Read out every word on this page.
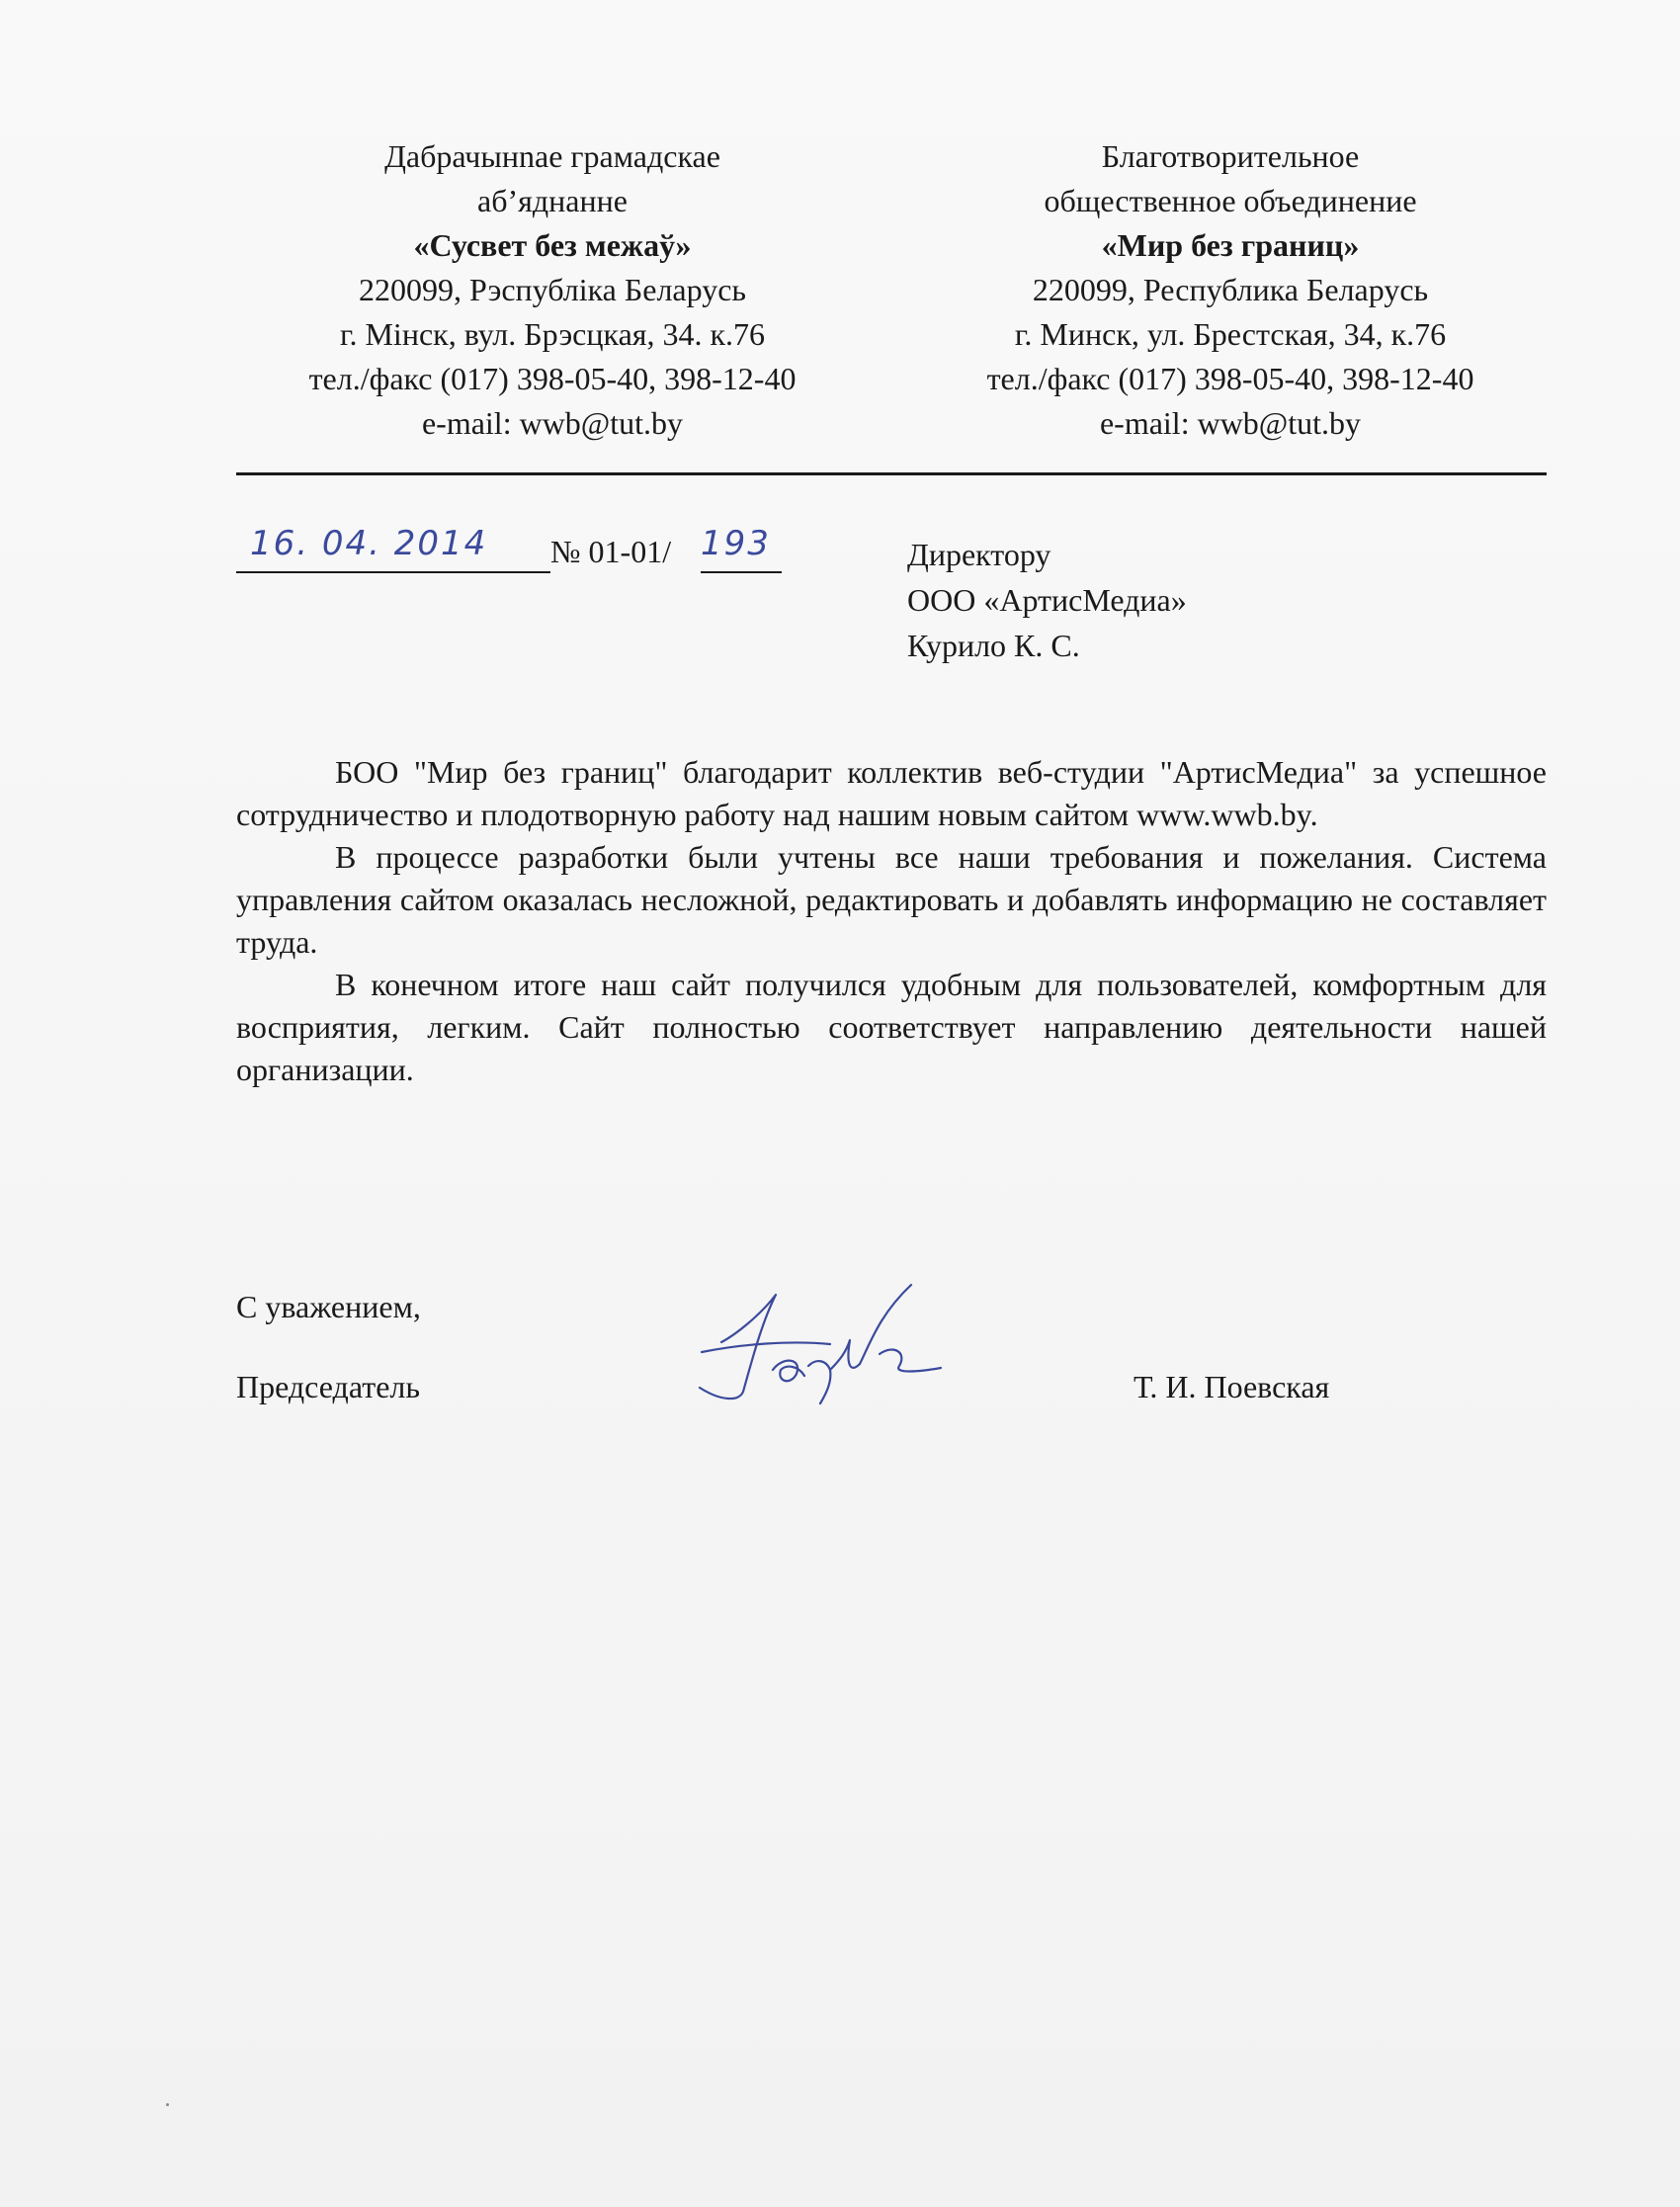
Дабрачынnae грамадскае
аб’яднанне
«Сусвет без межаў»
220099, Рэспубліка Беларусь
г. Мінск, вул. Брэсцкая, 34. к.76
тел./факс (017) 398-05-40, 398-12-40
e-mail: wwb@tut.by
Благотворительное
общественное объединение
«Мир без границ»
220099, Республика Беларусь
г. Минск, ул. Брестская, 34, к.76
тел./факс (017) 398-05-40, 398-12-40
e-mail: wwb@tut.by
16. 04. 2014 № 01-01/ 193	Директору
ООО «АртисМедиа»
Курило К. С.

БОО "Мир без границ" благодарит коллектив веб-студии "АртисМедиа" за успешное сотрудничество и плодотворную работу над нашим новым сайтом www.wwb.by.

В процессе разработки были учтены все наши требования и пожелания. Система управления сайтом оказалась несложной, редактировать и добавлять информацию не составляет труда.

В конечном итоге наш сайт получился удобным для пользователей, комфортным для восприятия, легким. Сайт полностью соответствует направлению деятельности нашей организации.

С уважением,
Председатель	Т. И. Поевская
